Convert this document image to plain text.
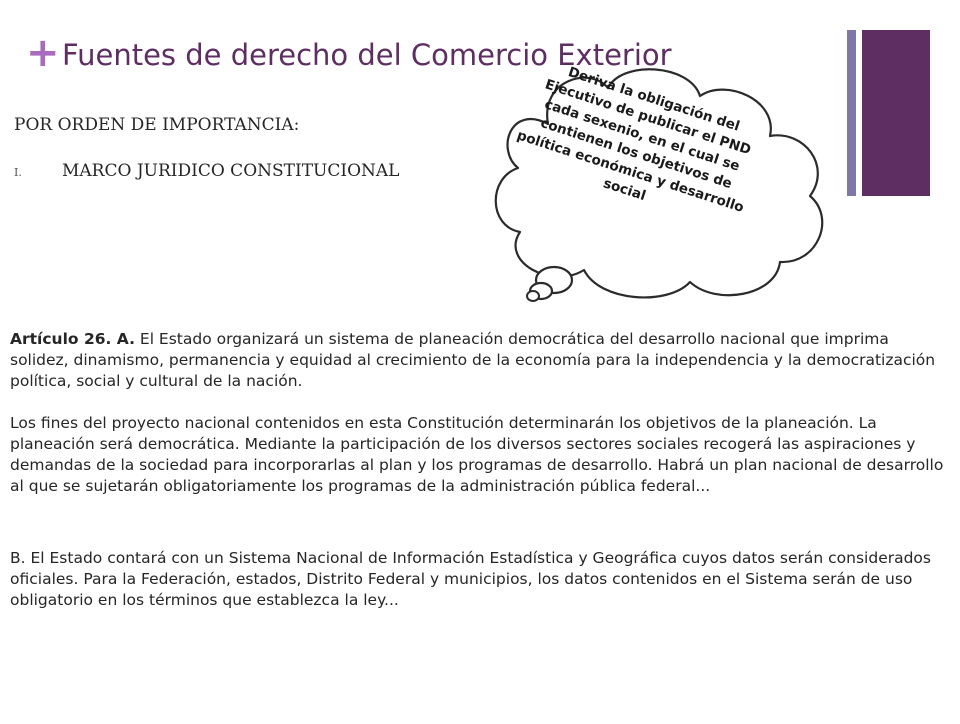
+ Fuentes de derecho del Comercio Exterior
POR ORDEN DE IMPORTANCIA:
I. MARCO JURIDICO CONSTITUCIONAL
Deriva la obligación del Ejecutivo de publicar el PND cada sexenio, en el cual se contienen los objetivos de política económica y desarrollo social

Artículo 26. A. El Estado organizará un sistema de planeación democrática del desarrollo nacional que imprima solidez, dinamismo, permanencia y equidad al crecimiento de la economía para la independencia y la democratización política, social y cultural de la nación.

Los fines del proyecto nacional contenidos en esta Constitución determinarán los objetivos de la planeación. La planeación será democrática. Mediante la participación de los diversos sectores sociales recogerá las aspiraciones y demandas de la sociedad para incorporarlas al plan y los programas de desarrollo. Habrá un plan nacional de desarrollo al que se sujetarán obligatoriamente los programas de la administración pública federal...

B. El Estado contará con un Sistema Nacional de Información Estadística y Geográfica cuyos datos serán considerados oficiales. Para la Federación, estados, Distrito Federal y municipios, los datos contenidos en el Sistema serán de uso obligatorio en los términos que establezca la ley...
